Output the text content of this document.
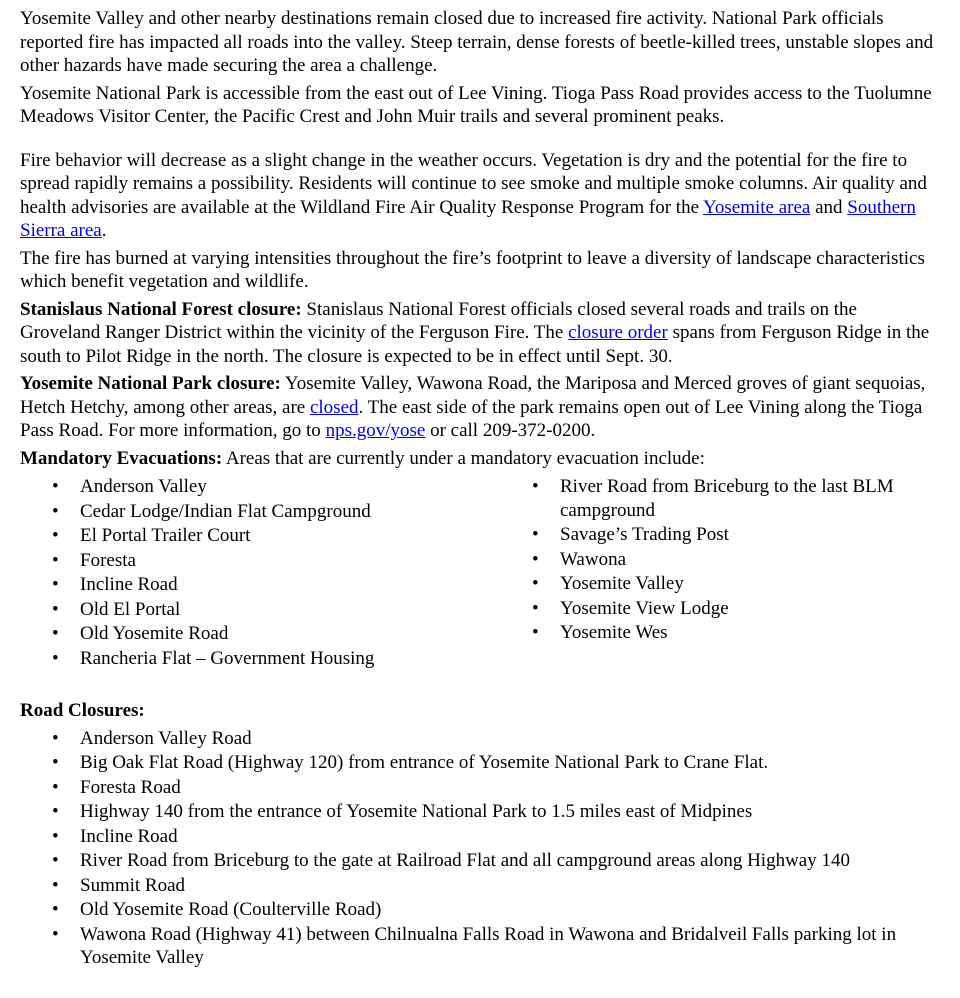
Yosemite Valley and other nearby destinations remain closed due to increased fire activity. National Park officials reported fire has impacted all roads into the valley. Steep terrain, dense forests of beetle-killed trees, unstable slopes and other hazards have made securing the area a challenge.

Yosemite National Park is accessible from the east out of Lee Vining. Tioga Pass Road provides access to the Tuolumne Meadows Visitor Center, the Pacific Crest and John Muir trails and several prominent peaks.

Fire behavior will decrease as a slight change in the weather occurs. Vegetation is dry and the potential for the fire to spread rapidly remains a possibility. Residents will continue to see smoke and multiple smoke columns. Air quality and health advisories are available at the Wildland Fire Air Quality Response Program for the Yosemite area and Southern Sierra area.

The fire has burned at varying intensities throughout the fire’s footprint to leave a diversity of landscape characteristics which benefit vegetation and wildlife.

Stanislaus National Forest closure: Stanislaus National Forest officials closed several roads and trails on the Groveland Ranger District within the vicinity of the Ferguson Fire. The closure order spans from Ferguson Ridge in the south to Pilot Ridge in the north. The closure is expected to be in effect until Sept. 30.

Yosemite National Park closure: Yosemite Valley, Wawona Road, the Mariposa and Merced groves of giant sequoias, Hetch Hetchy, among other areas, are closed. The east side of the park remains open out of Lee Vining along the Tioga Pass Road. For more information, go to nps.gov/yose or call 209-372-0200.

Mandatory Evacuations: Areas that are currently under a mandatory evacuation include:

• Anderson Valley
• Cedar Lodge/Indian Flat Campground
• El Portal Trailer Court
• Foresta
• Incline Road
• Old El Portal
• Old Yosemite Road
• Rancheria Flat – Government Housing
• River Road from Briceburg to the last BLM campground
• Savage’s Trading Post
• Wawona
• Yosemite Valley
• Yosemite View Lodge
• Yosemite Wes

Road Closures:

• Anderson Valley Road
• Big Oak Flat Road (Highway 120) from entrance of Yosemite National Park to Crane Flat.
• Foresta Road
• Highway 140 from the entrance of Yosemite National Park to 1.5 miles east of Midpines
• Incline Road
• River Road from Briceburg to the gate at Railroad Flat and all campground areas along Highway 140
• Summit Road
• Old Yosemite Road (Coulterville Road)
• Wawona Road (Highway 41) between Chilnualna Falls Road in Wawona and Bridalveil Falls parking lot in Yosemite Valley
